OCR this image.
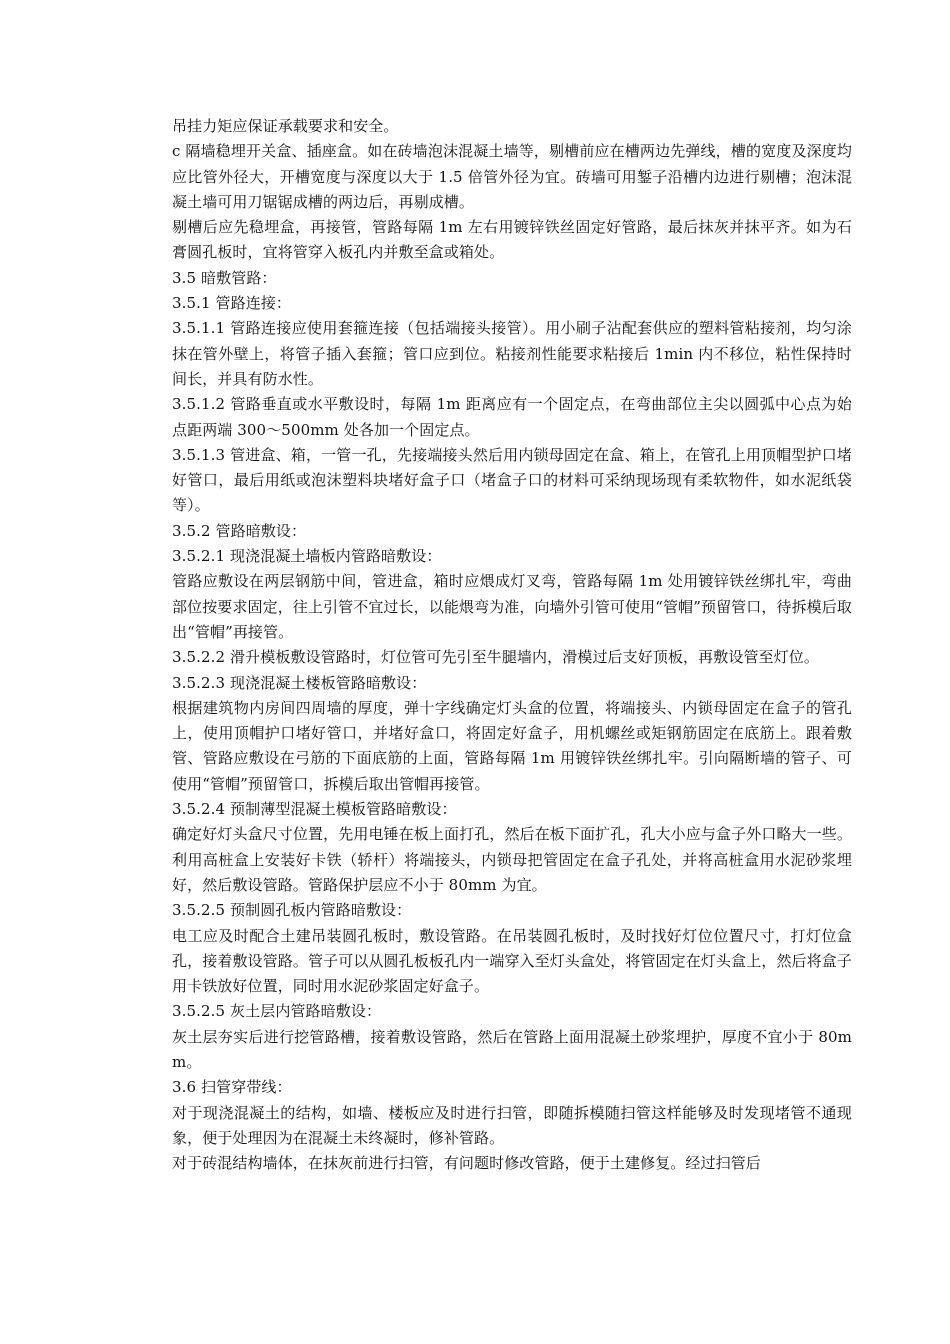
吊挂力矩应保证承载要求和安全。

c 隔墙稳埋开关盒、插座盒。如在砖墙泡沫混凝土墙等，剔槽前应在槽两边先弹线，槽的宽度及深度均应比管外径大，开槽宽度与深度以大于 1.5 倍管外径为宜。砖墙可用錾子沿槽内边进行剔槽；泡沫混凝土墙可用刀锯锯成槽的两边后，再剔成槽。

剔槽后应先稳埋盒，再接管，管路每隔 1m 左右用镀锌铁丝固定好管路，最后抹灰并抹平齐。如为石膏圆孔板时，宜将管穿入板孔内并敷至盒或箱处。

3.5 暗敷管路：

3.5.1 管路连接：

3.5.1.1 管路连接应使用套箍连接（包括端接头接管）。用小刷子沾配套供应的塑料管粘接剂，均匀涂抹在管外壁上，将管子插入套箍；管口应到位。粘接剂性能要求粘接后 1min 内不移位，粘性保持时间长，并具有防水性。

3.5.1.2 管路垂直或水平敷设时，每隔 1m 距离应有一个固定点，在弯曲部位主尖以圆弧中心点为始点距两端 300～500mm 处各加一个固定点。

3.5.1.3 管进盒、箱，一管一孔，先接端接头然后用内锁母固定在盒、箱上，在管孔上用顶帽型护口堵好管口，最后用纸或泡沫塑料块堵好盒子口（堵盒子口的材料可采纳现场现有柔软物件，如水泥纸袋等）。

3.5.2 管路暗敷设：

3.5.2.1 现浇混凝土墙板内管路暗敷设：

管路应敷设在两层钢筋中间，管进盒，箱时应煨成灯叉弯，管路每隔 1m 处用镀锌铁丝绑扎牢，弯曲部位按要求固定，往上引管不宜过长，以能煨弯为准，向墙外引管可使用“管帽”预留管口，待拆模后取出“管帽”再接管。

3.5.2.2 滑升模板敷设管路时，灯位管可先引至牛腿墙内，滑模过后支好顶板，再敷设管至灯位。

3.5.2.3 现浇混凝土楼板管路暗敷设：

根据建筑物内房间四周墙的厚度，弹十字线确定灯头盒的位置，将端接头、内锁母固定在盒子的管孔上，使用顶帽护口堵好管口，并堵好盒口，将固定好盒子，用机螺丝或矩钢筋固定在底筋上。跟着敷管、管路应敷设在弓筋的下面底筋的上面，管路每隔 1m 用镀锌铁丝绑扎牢。引向隔断墙的管子、可使用“管帽”预留管口，拆模后取出管帽再接管。

3.5.2.4 预制薄型混凝土模板管路暗敷设：

确定好灯头盒尺寸位置，先用电锤在板上面打孔，然后在板下面扩孔，孔大小应与盒子外口略大一些。利用高桩盒上安装好卡铁（轿杆）将端接头，内锁母把管固定在盒子孔处，并将高桩盒用水泥砂浆埋好，然后敷设管路。管路保护层应不小于 80mm 为宜。

3.5.2.5 预制圆孔板内管路暗敷设：

电工应及时配合土建吊装圆孔板时，敷设管路。在吊装圆孔板时，及时找好灯位位置尺寸，打灯位盒孔，接着敷设管路。管子可以从圆孔板板孔内一端穿入至灯头盒处，将管固定在灯头盒上，然后将盒子用卡铁放好位置，同时用水泥砂浆固定好盒子。

3.5.2.5 灰土层内管路暗敷设：

灰土层夯实后进行挖管路槽，接着敷设管路，然后在管路上面用混凝土砂浆埋护，厚度不宜小于 80mm。

3.6 扫管穿带线：

对于现浇混凝土的结构，如墙、楼板应及时进行扫管，即随拆模随扫管这样能够及时发现堵管不通现象，便于处理因为在混凝土未终凝时，修补管路。

对于砖混结构墙体，在抹灰前进行扫管，有问题时修改管路，便于土建修复。经过扫管后
